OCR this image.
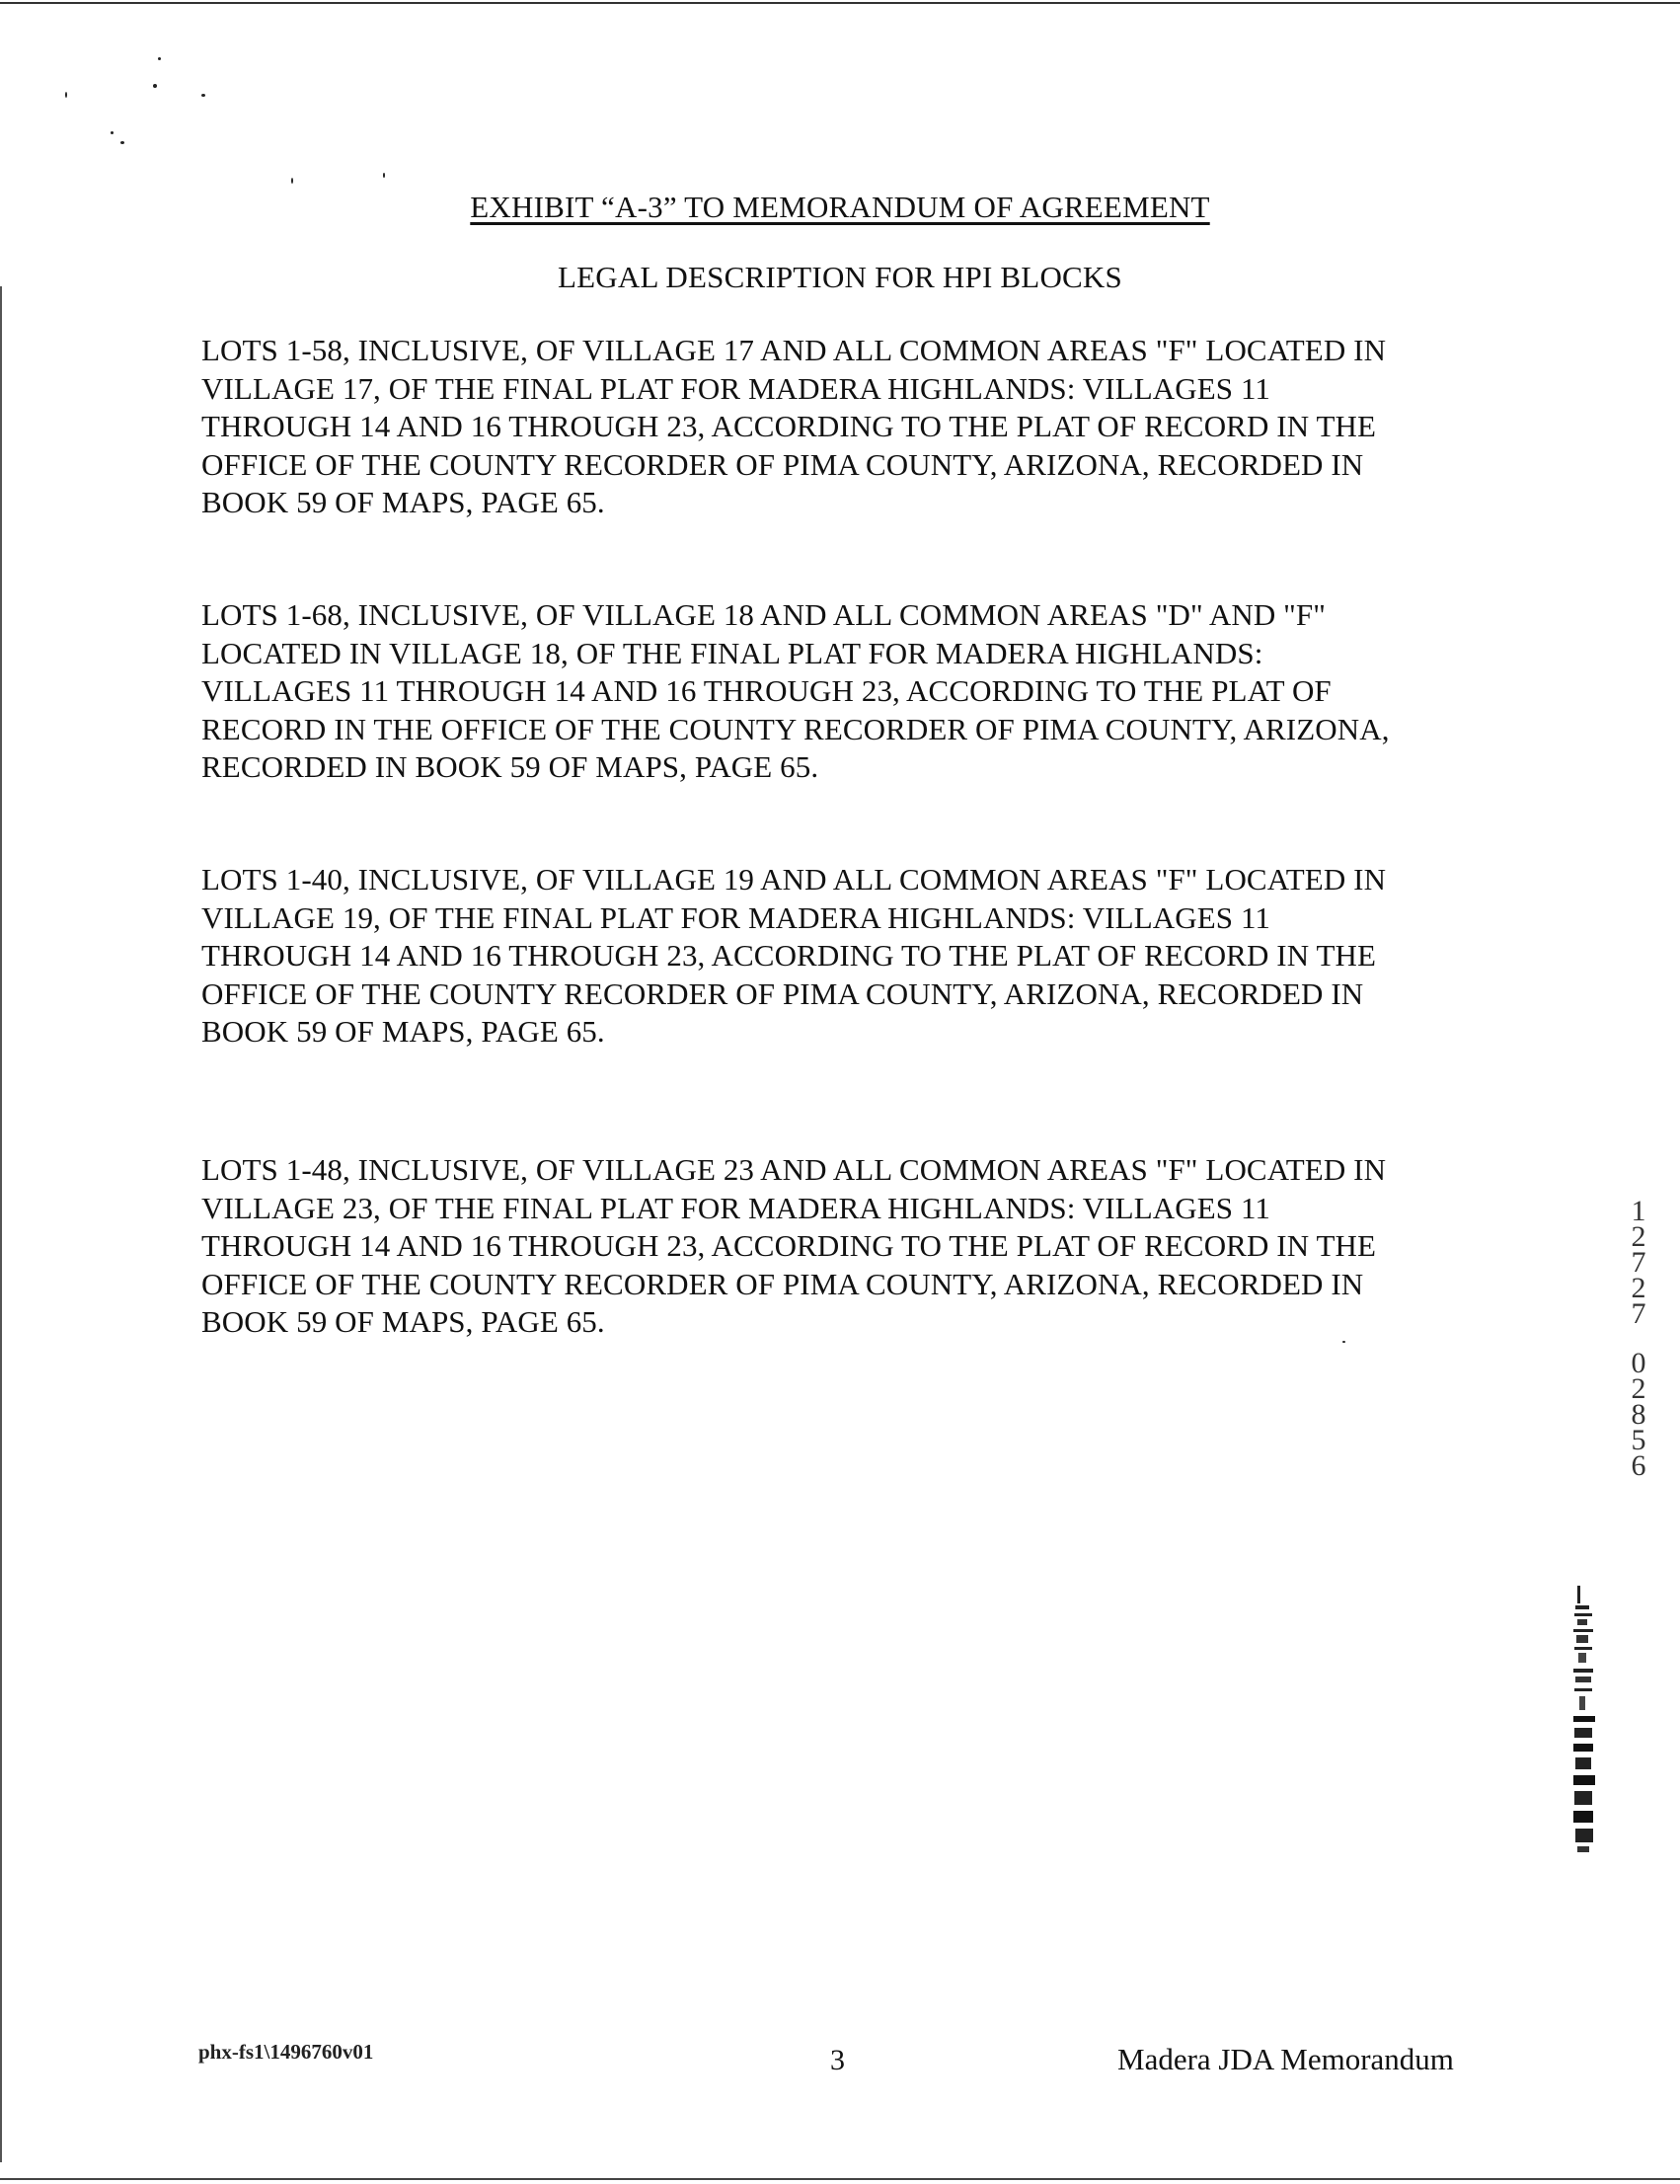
EXHIBIT “A-3” TO MEMORANDUM OF AGREEMENT
LEGAL DESCRIPTION FOR HPI BLOCKS
LOTS 1-58, INCLUSIVE, OF VILLAGE 17 AND ALL COMMON AREAS "F" LOCATED IN
VILLAGE 17, OF THE FINAL PLAT FOR MADERA HIGHLANDS: VILLAGES 11
THROUGH 14 AND 16 THROUGH 23, ACCORDING TO THE PLAT OF RECORD IN THE
OFFICE OF THE COUNTY RECORDER OF PIMA COUNTY, ARIZONA, RECORDED IN
BOOK 59 OF MAPS, PAGE 65.
LOTS 1-68, INCLUSIVE, OF VILLAGE 18 AND ALL COMMON AREAS "D" AND "F"
LOCATED IN VILLAGE 18, OF THE FINAL PLAT FOR MADERA HIGHLANDS:
VILLAGES 11 THROUGH 14 AND 16 THROUGH 23, ACCORDING TO THE PLAT OF
RECORD IN THE OFFICE OF THE COUNTY RECORDER OF PIMA COUNTY, ARIZONA,
RECORDED IN BOOK 59 OF MAPS, PAGE 65.
LOTS 1-40, INCLUSIVE, OF VILLAGE 19 AND ALL COMMON AREAS "F" LOCATED IN
VILLAGE 19, OF THE FINAL PLAT FOR MADERA HIGHLANDS: VILLAGES 11
THROUGH 14 AND 16 THROUGH 23, ACCORDING TO THE PLAT OF RECORD IN THE
OFFICE OF THE COUNTY RECORDER OF PIMA COUNTY, ARIZONA, RECORDED IN
BOOK 59 OF MAPS, PAGE 65.
LOTS 1-48, INCLUSIVE, OF VILLAGE 23 AND ALL COMMON AREAS "F" LOCATED IN
VILLAGE 23, OF THE FINAL PLAT FOR MADERA HIGHLANDS: VILLAGES 11
THROUGH 14 AND 16 THROUGH 23, ACCORDING TO THE PLAT OF RECORD IN THE
OFFICE OF THE COUNTY RECORDER OF PIMA COUNTY, ARIZONA, RECORDED IN
BOOK 59 OF MAPS, PAGE 65.
1
2
7
2
7
0
2
8
5
6
phx-fs1\1496760v01	3	Madera JDA Memorandum
